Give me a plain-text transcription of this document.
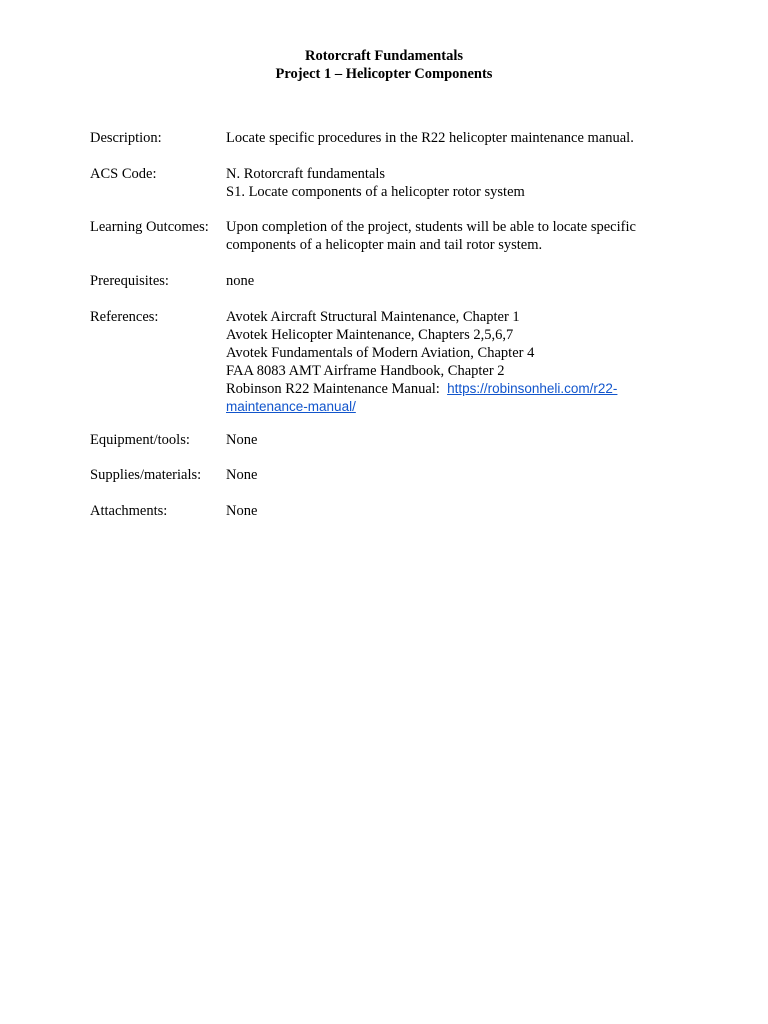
Rotorcraft Fundamentals
Project 1 – Helicopter Components
Description:	Locate specific procedures in the R22 helicopter maintenance manual.
ACS Code:	N. Rotorcraft fundamentals
S1. Locate components of a helicopter rotor system
Learning Outcomes:	Upon completion of the project, students will be able to locate specific components of a helicopter main and tail rotor system.
Prerequisites:	none
References:	Avotek Aircraft Structural Maintenance, Chapter 1
Avotek Helicopter Maintenance, Chapters 2,5,6,7
Avotek Fundamentals of Modern Aviation, Chapter 4
FAA 8083 AMT Airframe Handbook, Chapter 2
Robinson R22 Maintenance Manual: https://robinsonheli.com/r22-
maintenance-manual/
Equipment/tools:	None
Supplies/materials:	None
Attachments:	None
